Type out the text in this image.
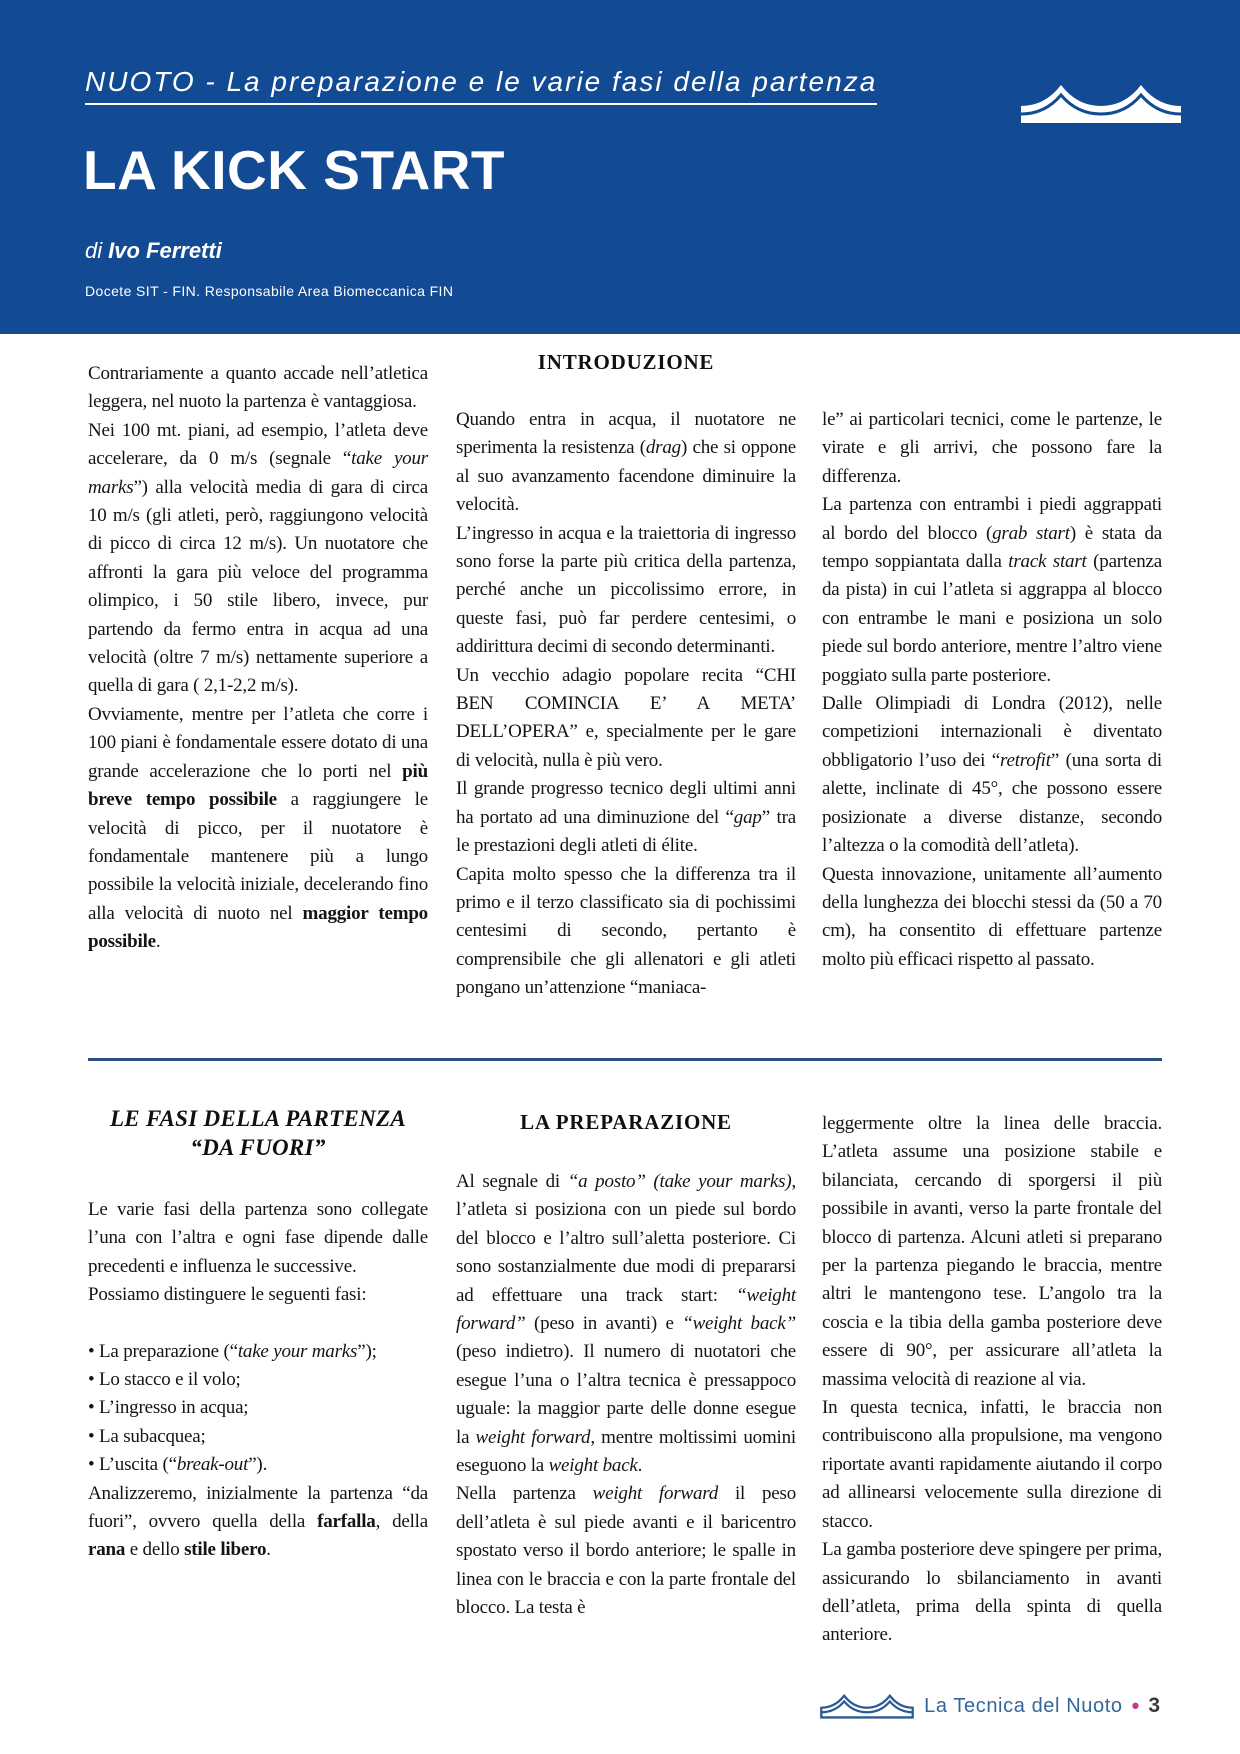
NUOTO - La preparazione e le varie fasi della partenza
LA KICK START
di Ivo Ferretti
Docete SIT - FIN. Responsabile Area Biomeccanica FIN
INTRODUZIONE

Contrariamente a quanto accade nell’atletica leggera, nel nuoto la partenza è vantaggiosa.

Nei 100 mt. piani, ad esempio, l’atleta deve accelerare, da 0 m/s (segnale “take your marks”) alla velocità media di gara di circa 10 m/s (gli atleti, però, raggiungono velocità di picco di circa 12 m/s). Un nuotatore che affronti la gara più veloce del programma olimpico, i 50 stile libero, invece, pur partendo da fermo entra in acqua ad una velocità (oltre 7 m/s) nettamente superiore a quella di gara ( 2,1-2,2 m/s).

Ovviamente, mentre per l’atleta che corre i 100 piani è fondamentale essere dotato di una grande accelerazione che lo porti nel più breve tempo possibile a raggiungere le velocità di picco, per il nuotatore è fondamentale mantenere più a lungo possibile la velocità iniziale, decelerando fino alla velocità di nuoto nel maggior tempo possibile.

Quando entra in acqua, il nuotatore ne sperimenta la resistenza (drag) che si oppone al suo avanzamento facendone diminuire la velocità.

L’ingresso in acqua e la traiettoria di ingresso sono forse la parte più critica della partenza, perché anche un piccolissimo errore, in queste fasi, può far perdere centesimi, o addirittura decimi di secondo determinanti.

Un vecchio adagio popolare recita “CHI BEN COMINCIA E’ A META’ DELL’OPERA” e, specialmente per le gare di velocità, nulla è più vero.

Il grande progresso tecnico degli ultimi anni ha portato ad una diminuzione del “gap” tra le prestazioni degli atleti di élite.

Capita molto spesso che la differenza tra il primo e il terzo classificato sia di pochissimi centesimi di secondo, pertanto è comprensibile che gli allenatori e gli atleti pongano un’attenzione “maniaca-

le” ai particolari tecnici, come le partenze, le virate e gli arrivi, che possono fare la differenza.

La partenza con entrambi i piedi aggrappati al bordo del blocco (grab start) è stata da tempo soppiantata dalla track start (partenza da pista) in cui l’atleta si aggrappa al blocco con entrambe le mani e posiziona un solo piede sul bordo anteriore, mentre l’altro viene poggiato sulla parte posteriore.

Dalle Olimpiadi di Londra (2012), nelle competizioni internazionali è diventato obbligatorio l’uso dei “retrofit” (una sorta di alette, inclinate di 45°, che possono essere posizionate a diverse distanze, secondo l’altezza o la comodità dell’atleta).

Questa innovazione, unitamente all’aumento della lunghezza dei blocchi stessi da (50 a 70 cm), ha consentito di effettuare partenze molto più efficaci rispetto al passato.

LE FASI DELLA PARTENZA
“DA FUORI”

Le varie fasi della partenza sono collegate l’una con l’altra e ogni fase dipende dalle precedenti e influenza le successive.

Possiamo distinguere le seguenti fasi:

• La preparazione (“take your marks”);

• Lo stacco e il volo;

• L’ingresso in acqua;

• La subacquea;

• L’uscita (“break-out”).

Analizzeremo, inizialmente la partenza “da fuori”, ovvero quella della farfalla, della rana e dello stile libero.

LA PREPARAZIONE

Al segnale di “a posto” (take your marks), l’atleta si posiziona con un piede sul bordo del blocco e l’altro sull’aletta posteriore. Ci sono sostanzialmente due modi di prepararsi ad effettuare una track start: “weight forward” (peso in avanti) e “weight back” (peso indietro). Il numero di nuotatori che esegue l’una o l’altra tecnica è pressappoco uguale: la maggior parte delle donne esegue la weight forward, mentre moltissimi uomini eseguono la weight back.

Nella partenza weight forward il peso dell’atleta è sul piede avanti e il baricentro spostato verso il bordo anteriore; le spalle in linea con le braccia e con la parte frontale del blocco. La testa è

leggermente oltre la linea delle braccia. L’atleta assume una posizione stabile e bilanciata, cercando di sporgersi il più possibile in avanti, verso la parte frontale del blocco di partenza. Alcuni atleti si preparano per la partenza piegando le braccia, mentre altri le mantengono tese. L’angolo tra la coscia e la tibia della gamba posteriore deve essere di 90°, per assicurare all’atleta la massima velocità di reazione al via.

In questa tecnica, infatti, le braccia non contribuiscono alla propulsione, ma vengono riportate avanti rapidamente aiutando il corpo ad allinearsi velocemente sulla direzione di stacco.

La gamba posteriore deve spingere per prima, assicurando lo sbilanciamento in avanti dell’atleta, prima della spinta di quella anteriore.

La Tecnica del Nuoto • 3
